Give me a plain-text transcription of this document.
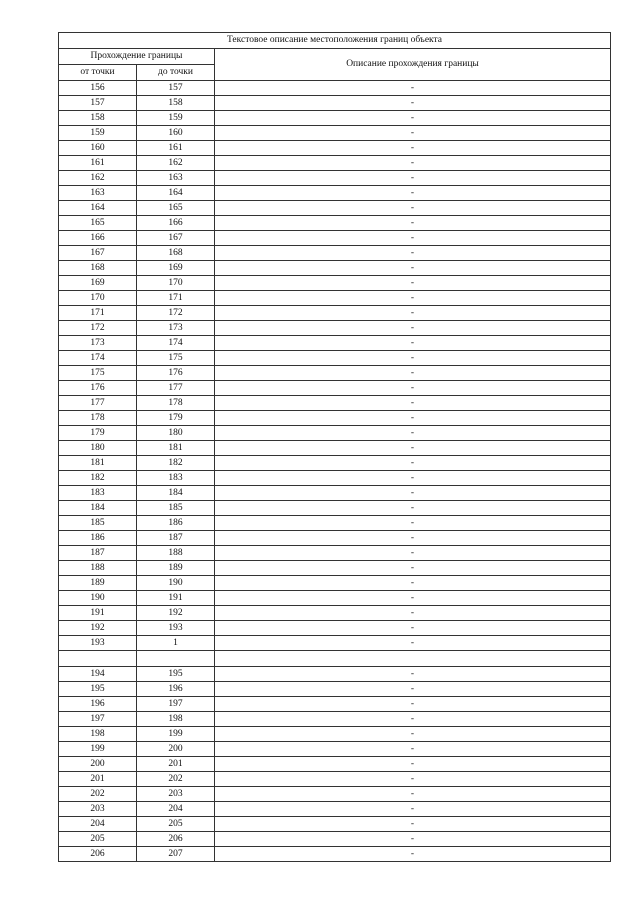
Текстовое описание местоположения границ объекта		
Прохождение границы		Описание прохождения границы
от точки	до точки	
156	157	-
157	158	-
158	159	-
159	160	-
160	161	-
161	162	-
162	163	-
163	164	-
164	165	-
165	166	-
166	167	-
167	168	-
168	169	-
169	170	-
170	171	-
171	172	-
172	173	-
173	174	-
174	175	-
175	176	-
176	177	-
177	178	-
178	179	-
179	180	-
180	181	-
181	182	-
182	183	-
183	184	-
184	185	-
185	186	-
186	187	-
187	188	-
188	189	-
189	190	-
190	191	-
191	192	-
192	193	-
193	1	-

194	195	-
195	196	-
196	197	-
197	198	-
198	199	-
199	200	-
200	201	-
201	202	-
202	203	-
203	204	-
204	205	-
205	206	-
206	207	-
